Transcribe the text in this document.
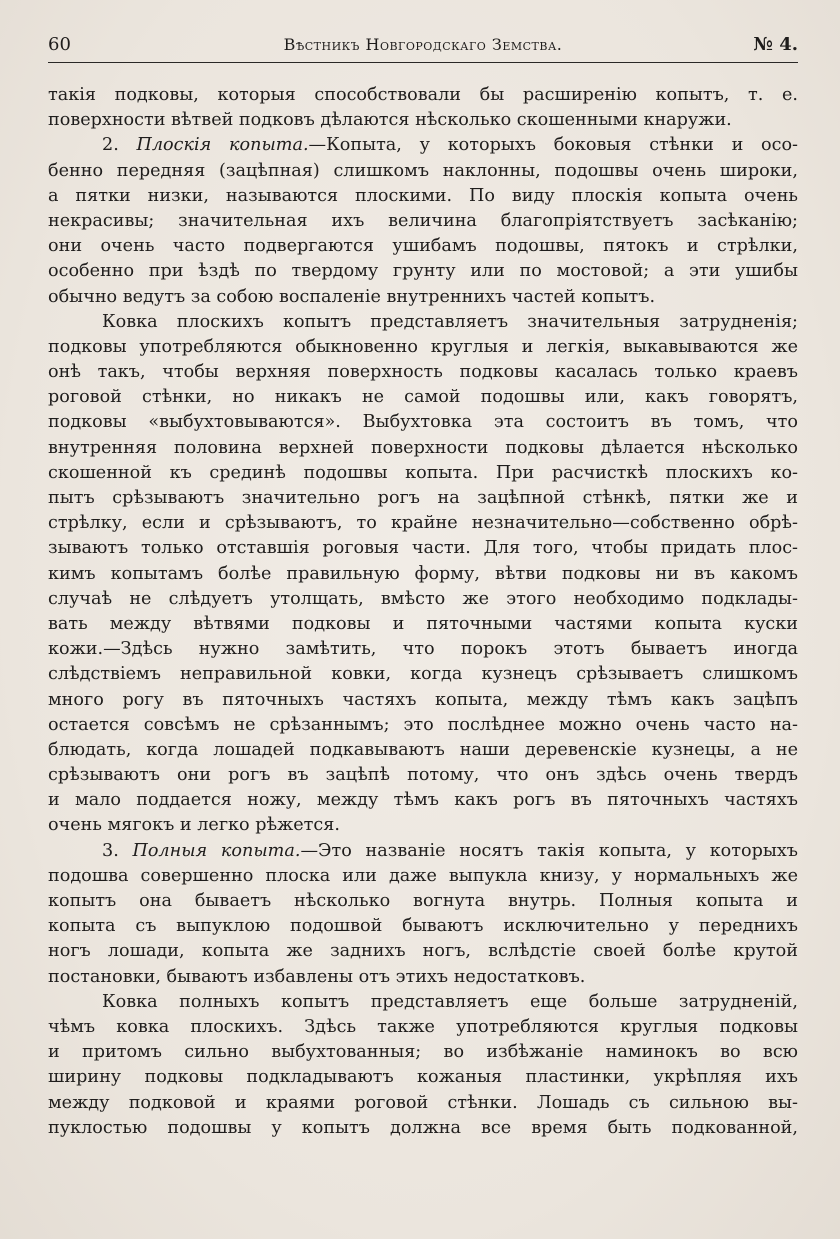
60	Вѣстникъ Новгородскаго Земства.	№ 4.
такія подковы, которыя способствовали бы расширенію копытъ, т. е.
поверхности вѣтвей подковъ дѣлаются нѣсколько скошенными кнаружи.
2. Плоскія копыта.—Копыта, у которыхъ боковыя стѣнки и осо-
бенно передняя (зацѣпная) слишкомъ наклонны, подошвы очень широки,
а пятки низки, называются плоскими. По виду плоскія копыта очень
некрасивы; значительная ихъ величина благопріятствуетъ засѣканію;
они очень часто подвергаются ушибамъ подошвы, пятокъ и стрѣлки,
особенно при ѣздѣ по твердому грунту или по мостовой; а эти ушибы
обычно ведутъ за собою воспаленіе внутреннихъ частей копытъ.
Ковка плоскихъ копытъ представляетъ значительныя затрудненія;
подковы употребляются обыкновенно круглыя и легкія, выкавываются же
онѣ такъ, чтобы верхняя поверхность подковы касалась только краевъ
роговой стѣнки, но никакъ не самой подошвы или, какъ говорятъ,
подковы «выбухтовываются». Выбухтовка эта состоитъ въ томъ, что
внутренняя половина верхней поверхности подковы дѣлается нѣсколько
скошенной къ срединѣ подошвы копыта. При расчисткѣ плоскихъ ко-
пытъ срѣзываютъ значительно рогъ на зацѣпной стѣнкѣ, пятки же и
стрѣлку, если и срѣзываютъ, то крайне незначительно—собственно обрѣ-
зываютъ только отставшія роговыя части. Для того, чтобы придать плос-
кимъ копытамъ болѣе правильную форму, вѣтви подковы ни въ какомъ
случаѣ не слѣдуетъ утолщать, вмѣсто же этого необходимо подклады-
вать между вѣтвями подковы и пяточными частями копыта куски
кожи.—Здѣсь нужно замѣтить, что порокъ этотъ бываетъ иногда
слѣдствіемъ неправильной ковки, когда кузнецъ срѣзываетъ слишкомъ
много рогу въ пяточныхъ частяхъ копыта, между тѣмъ какъ зацѣпъ
остается совсѣмъ не срѣзаннымъ; это послѣднее можно очень часто на-
блюдать, когда лошадей подкавываютъ наши деревенскіе кузнецы, а не
срѣзываютъ они рогъ въ зацѣпѣ потому, что онъ здѣсь очень твердъ
и мало поддается ножу, между тѣмъ какъ рогъ въ пяточныхъ частяхъ
очень мягокъ и легко рѣжется.
3. Полныя копыта.—Это названіе носятъ такія копыта, у которыхъ
подошва совершенно плоска или даже выпукла книзу, у нормальныхъ же
копытъ она бываетъ нѣсколько вогнута внутрь. Полныя копыта и
копыта съ выпуклою подошвой бываютъ исключительно у переднихъ
ногъ лошади, копыта же заднихъ ногъ, вслѣдстіе своей болѣе крутой
постановки, бываютъ избавлены отъ этихъ недостатковъ.
Ковка полныхъ копытъ представляетъ еще больше затрудненій,
чѣмъ ковка плоскихъ. Здѣсь также употребляются круглыя подковы
и притомъ сильно выбухтованныя; во избѣжаніе наминокъ во всю
ширину подковы подкладываютъ кожаныя пластинки, укрѣпляя ихъ
между подковой и краями роговой стѣнки. Лошадь съ сильною вы-
пуклостью подошвы у копытъ должна все время быть подкованной,
